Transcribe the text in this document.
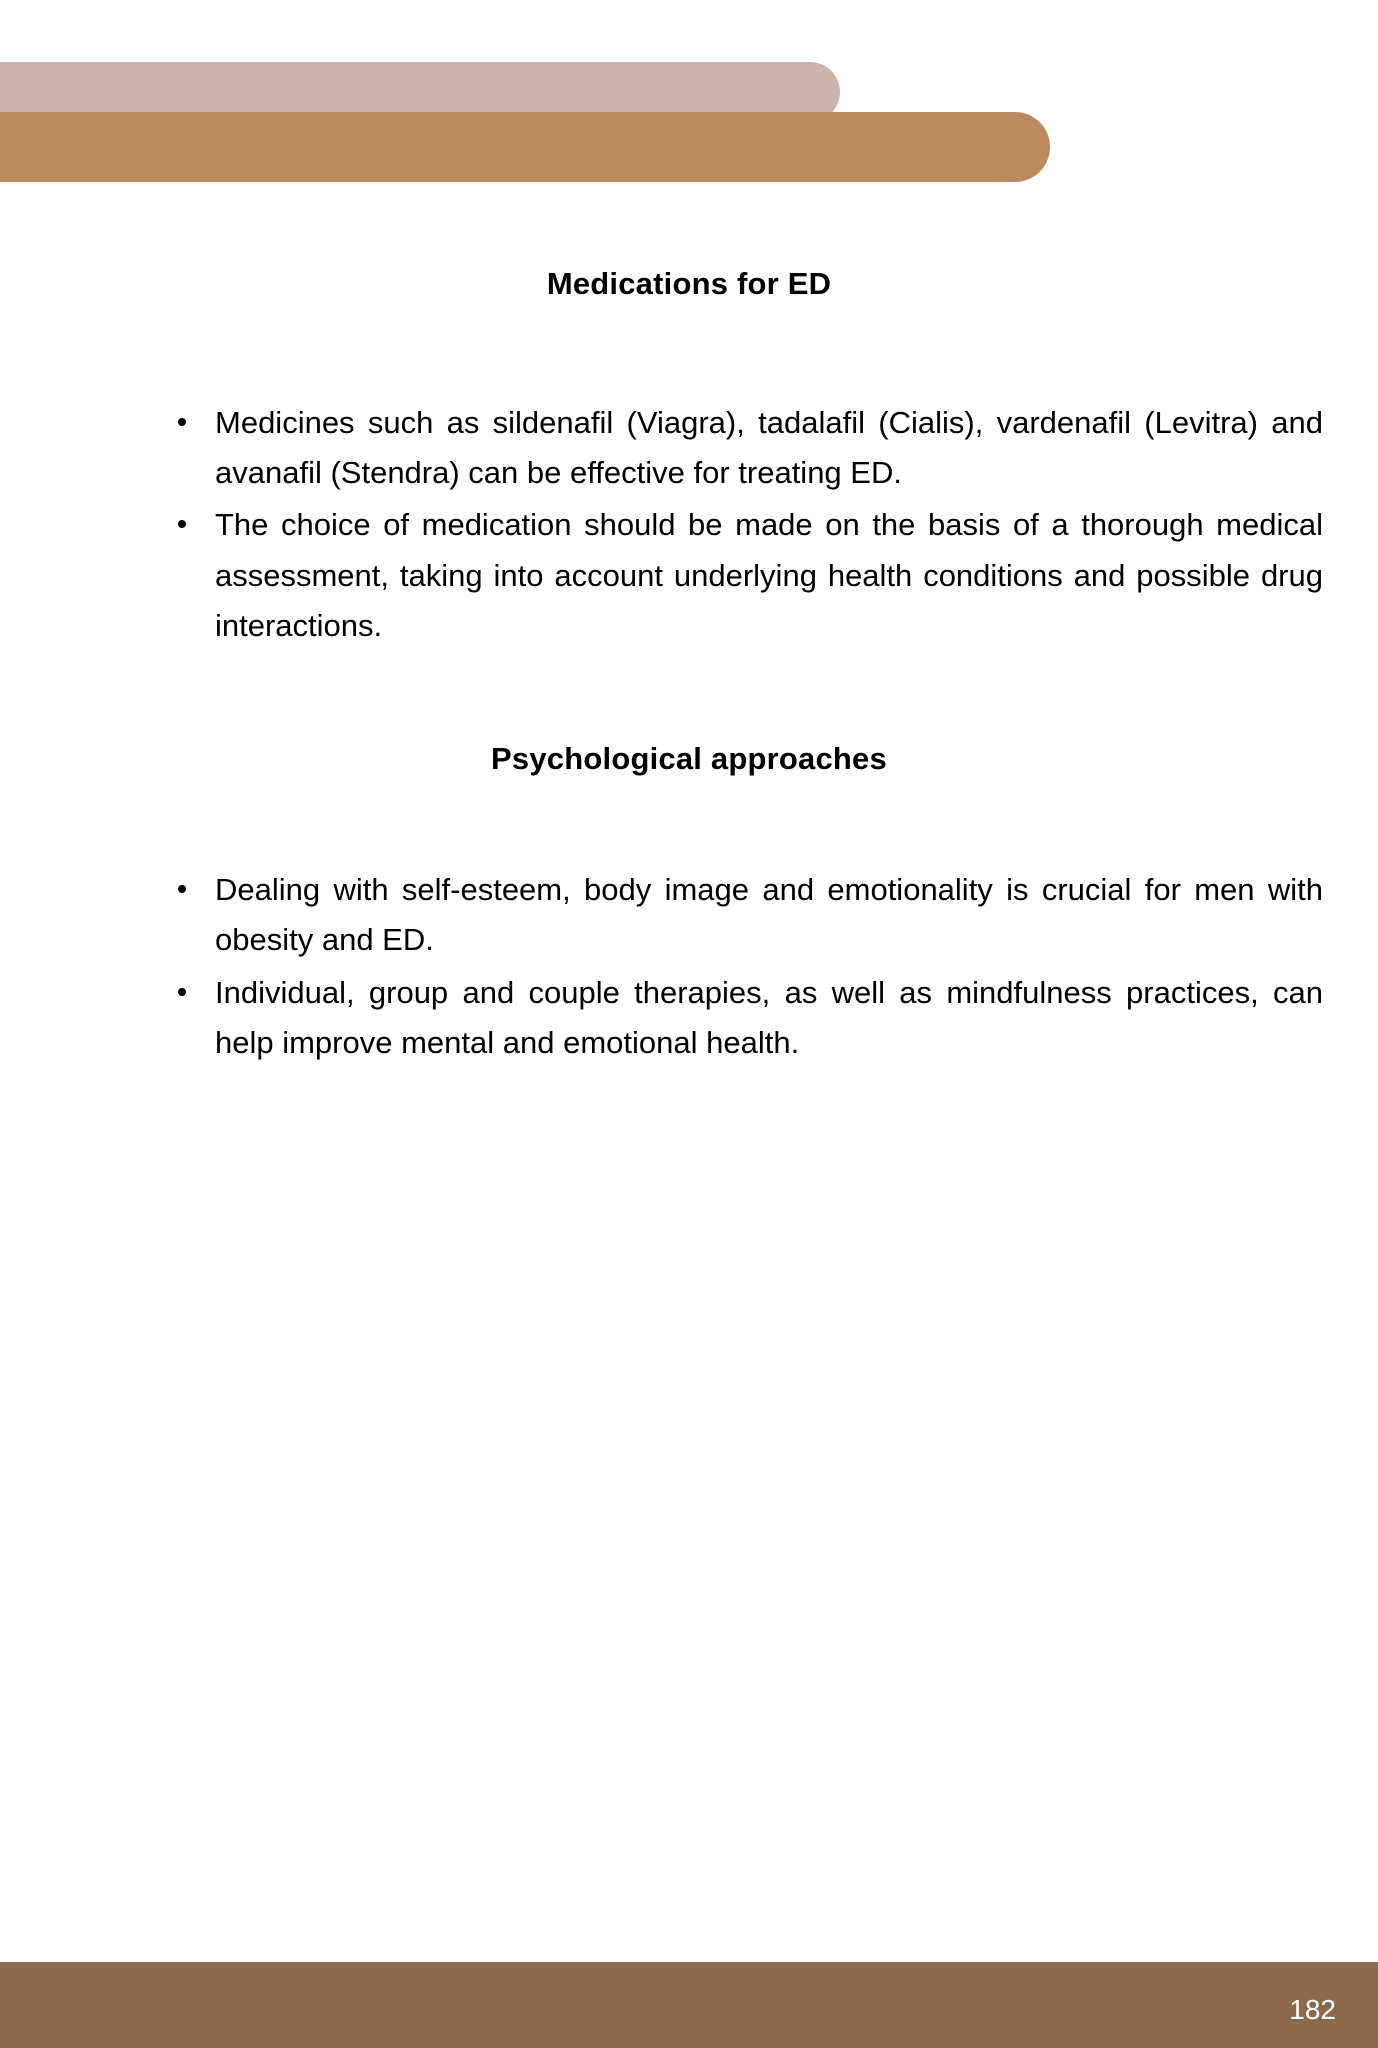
Medications for ED
Medicines such as sildenafil (Viagra), tadalafil (Cialis), vardenafil (Levitra) and avanafil (Stendra) can be effective for treating ED.
The choice of medication should be made on the basis of a thorough medical assessment, taking into account underlying health conditions and possible drug interactions.
Psychological approaches
Dealing with self-esteem, body image and emotionality is crucial for men with obesity and ED.
Individual, group and couple therapies, as well as mindfulness practices, can help improve mental and emotional health.
182
